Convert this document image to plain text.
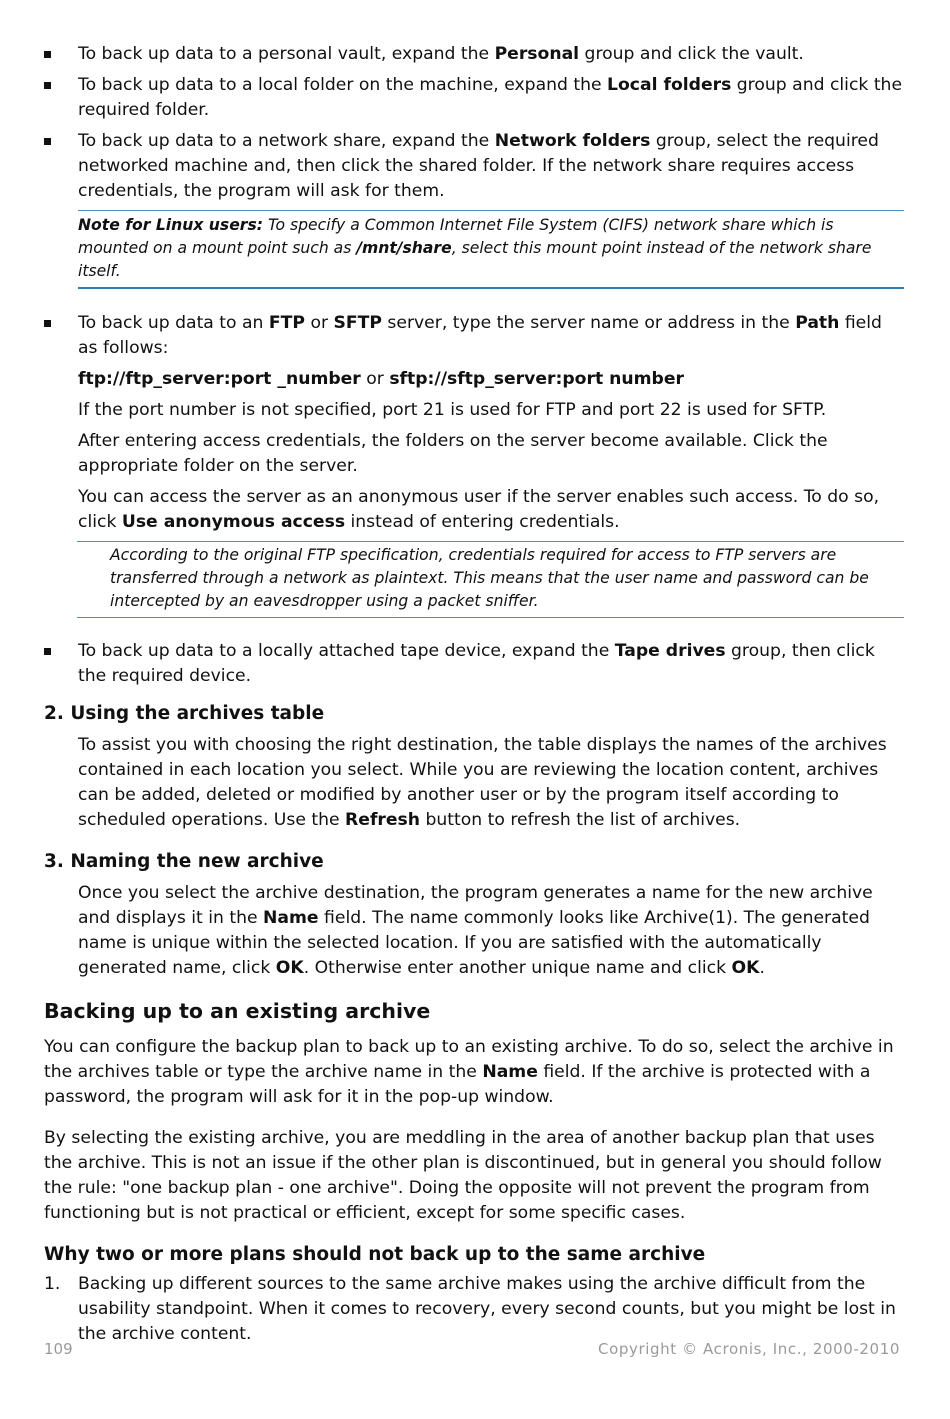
To back up data to a personal vault, expand the Personal group and click the vault.
To back up data to a local folder on the machine, expand the Local folders group and click the required folder.
To back up data to a network share, expand the Network folders group, select the required networked machine and, then click the shared folder. If the network share requires access credentials, the program will ask for them.
Note for Linux users: To specify a Common Internet File System (CIFS) network share which is mounted on a mount point such as /mnt/share, select this mount point instead of the network share itself.
To back up data to an FTP or SFTP server, type the server name or address in the Path field as follows:

ftp://ftp_server:port _number or sftp://sftp_server:port number

If the port number is not specified, port 21 is used for FTP and port 22 is used for SFTP.

After entering access credentials, the folders on the server become available. Click the appropriate folder on the server.

You can access the server as an anonymous user if the server enables such access. To do so, click Use anonymous access instead of entering credentials.

According to the original FTP specification, credentials required for access to FTP servers are transferred through a network as plaintext. This means that the user name and password can be intercepted by an eavesdropper using a packet sniffer.
To back up data to a locally attached tape device, expand the Tape drives group, then click the required device.
2. Using the archives table

To assist you with choosing the right destination, the table displays the names of the archives contained in each location you select. While you are reviewing the location content, archives can be added, deleted or modified by another user or by the program itself according to scheduled operations. Use the Refresh button to refresh the list of archives.

3. Naming the new archive

Once you select the archive destination, the program generates a name for the new archive and displays it in the Name field. The name commonly looks like Archive(1). The generated name is unique within the selected location. If you are satisfied with the automatically generated name, click OK. Otherwise enter another unique name and click OK.

Backing up to an existing archive

You can configure the backup plan to back up to an existing archive. To do so, select the archive in the archives table or type the archive name in the Name field. If the archive is protected with a password, the program will ask for it in the pop-up window.

By selecting the existing archive, you are meddling in the area of another backup plan that uses the archive. This is not an issue if the other plan is discontinued, but in general you should follow the rule: "one backup plan - one archive". Doing the opposite will not prevent the program from functioning but is not practical or efficient, except for some specific cases.

Why two or more plans should not back up to the same archive
1. Backing up different sources to the same archive makes using the archive difficult from the usability standpoint. When it comes to recovery, every second counts, but you might be lost in the archive content.
109	Copyright © Acronis, Inc., 2000-2010
